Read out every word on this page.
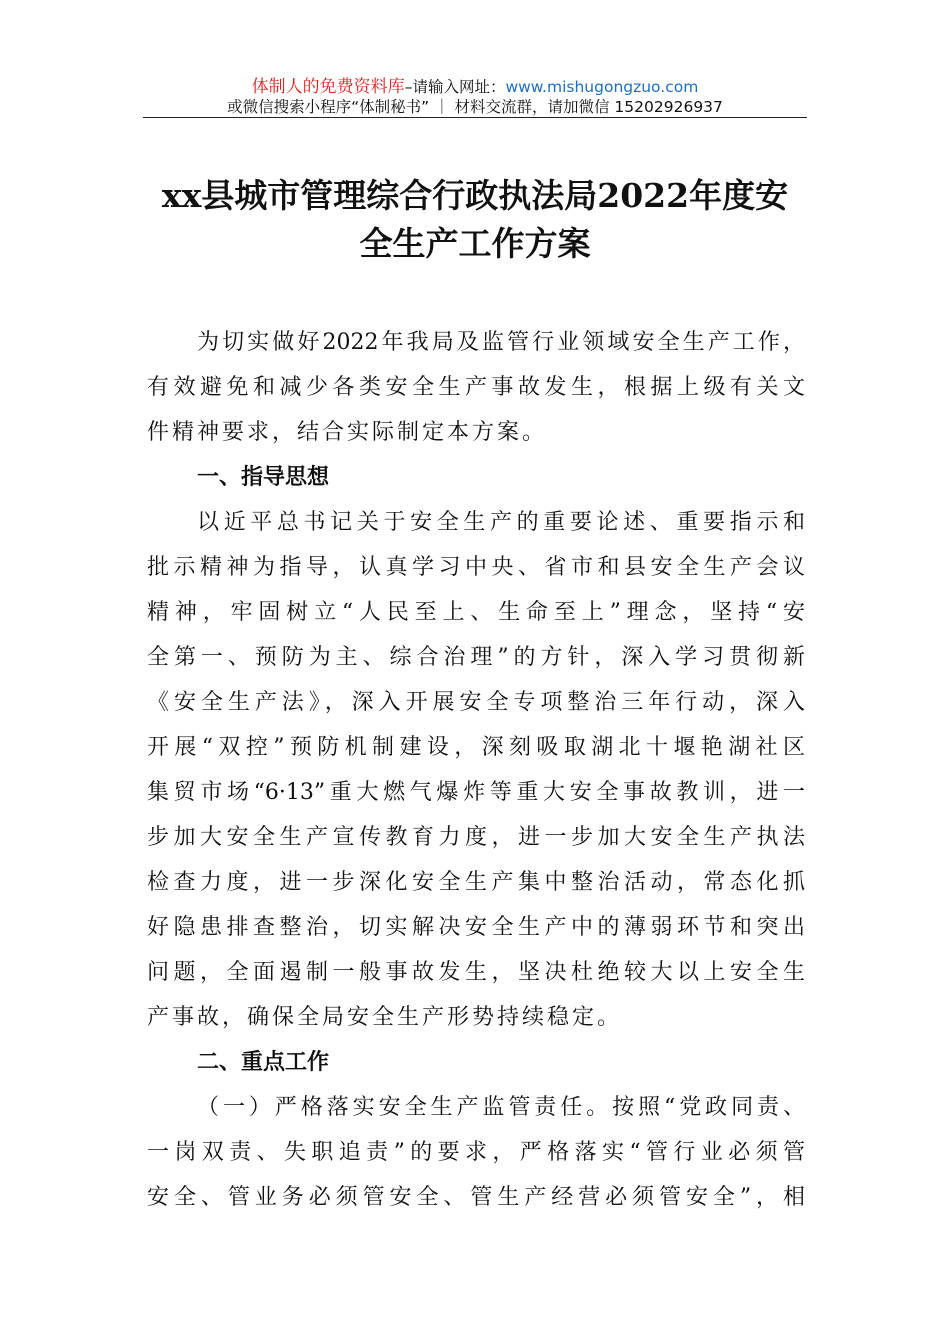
体制人的免费资料库–请输入网址：www.mishugongzuo.com
或微信搜索小程序“体制秘书” ｜ 材料交流群，请加微信 15202926937
xx县城市管理综合行政执法局2022年度安
全生产工作方案
为切实做好2022年我局及监管行业领域安全生产工作，
有效避免和减少各类安全生产事故发生，根据上级有关文
件精神要求，结合实际制定本方案。
一、指导思想
以近平总书记关于安全生产的重要论述、重要指示和
批示精神为指导，认真学习中央、省市和县安全生产会议
精神，牢固树立“人民至上、生命至上”理念，坚持“安
全第一、预防为主、综合治理”的方针，深入学习贯彻新
《安全生产法》，深入开展安全专项整治三年行动，深入
开展“双控”预防机制建设，深刻吸取湖北十堰艳湖社区
集贸市场“6·13”重大燃气爆炸等重大安全事故教训，进一
步加大安全生产宣传教育力度，进一步加大安全生产执法
检查力度，进一步深化安全生产集中整治活动，常态化抓
好隐患排查整治，切实解决安全生产中的薄弱环节和突出
问题，全面遏制一般事故发生，坚决杜绝较大以上安全生
产事故，确保全局安全生产形势持续稳定。
二、重点工作
（一）严格落实安全生产监管责任。按照“党政同责、
一岗双责、失职追责”的要求，严格落实“管行业必须管
安全、管业务必须管安全、管生产经营必须管安全”，相
